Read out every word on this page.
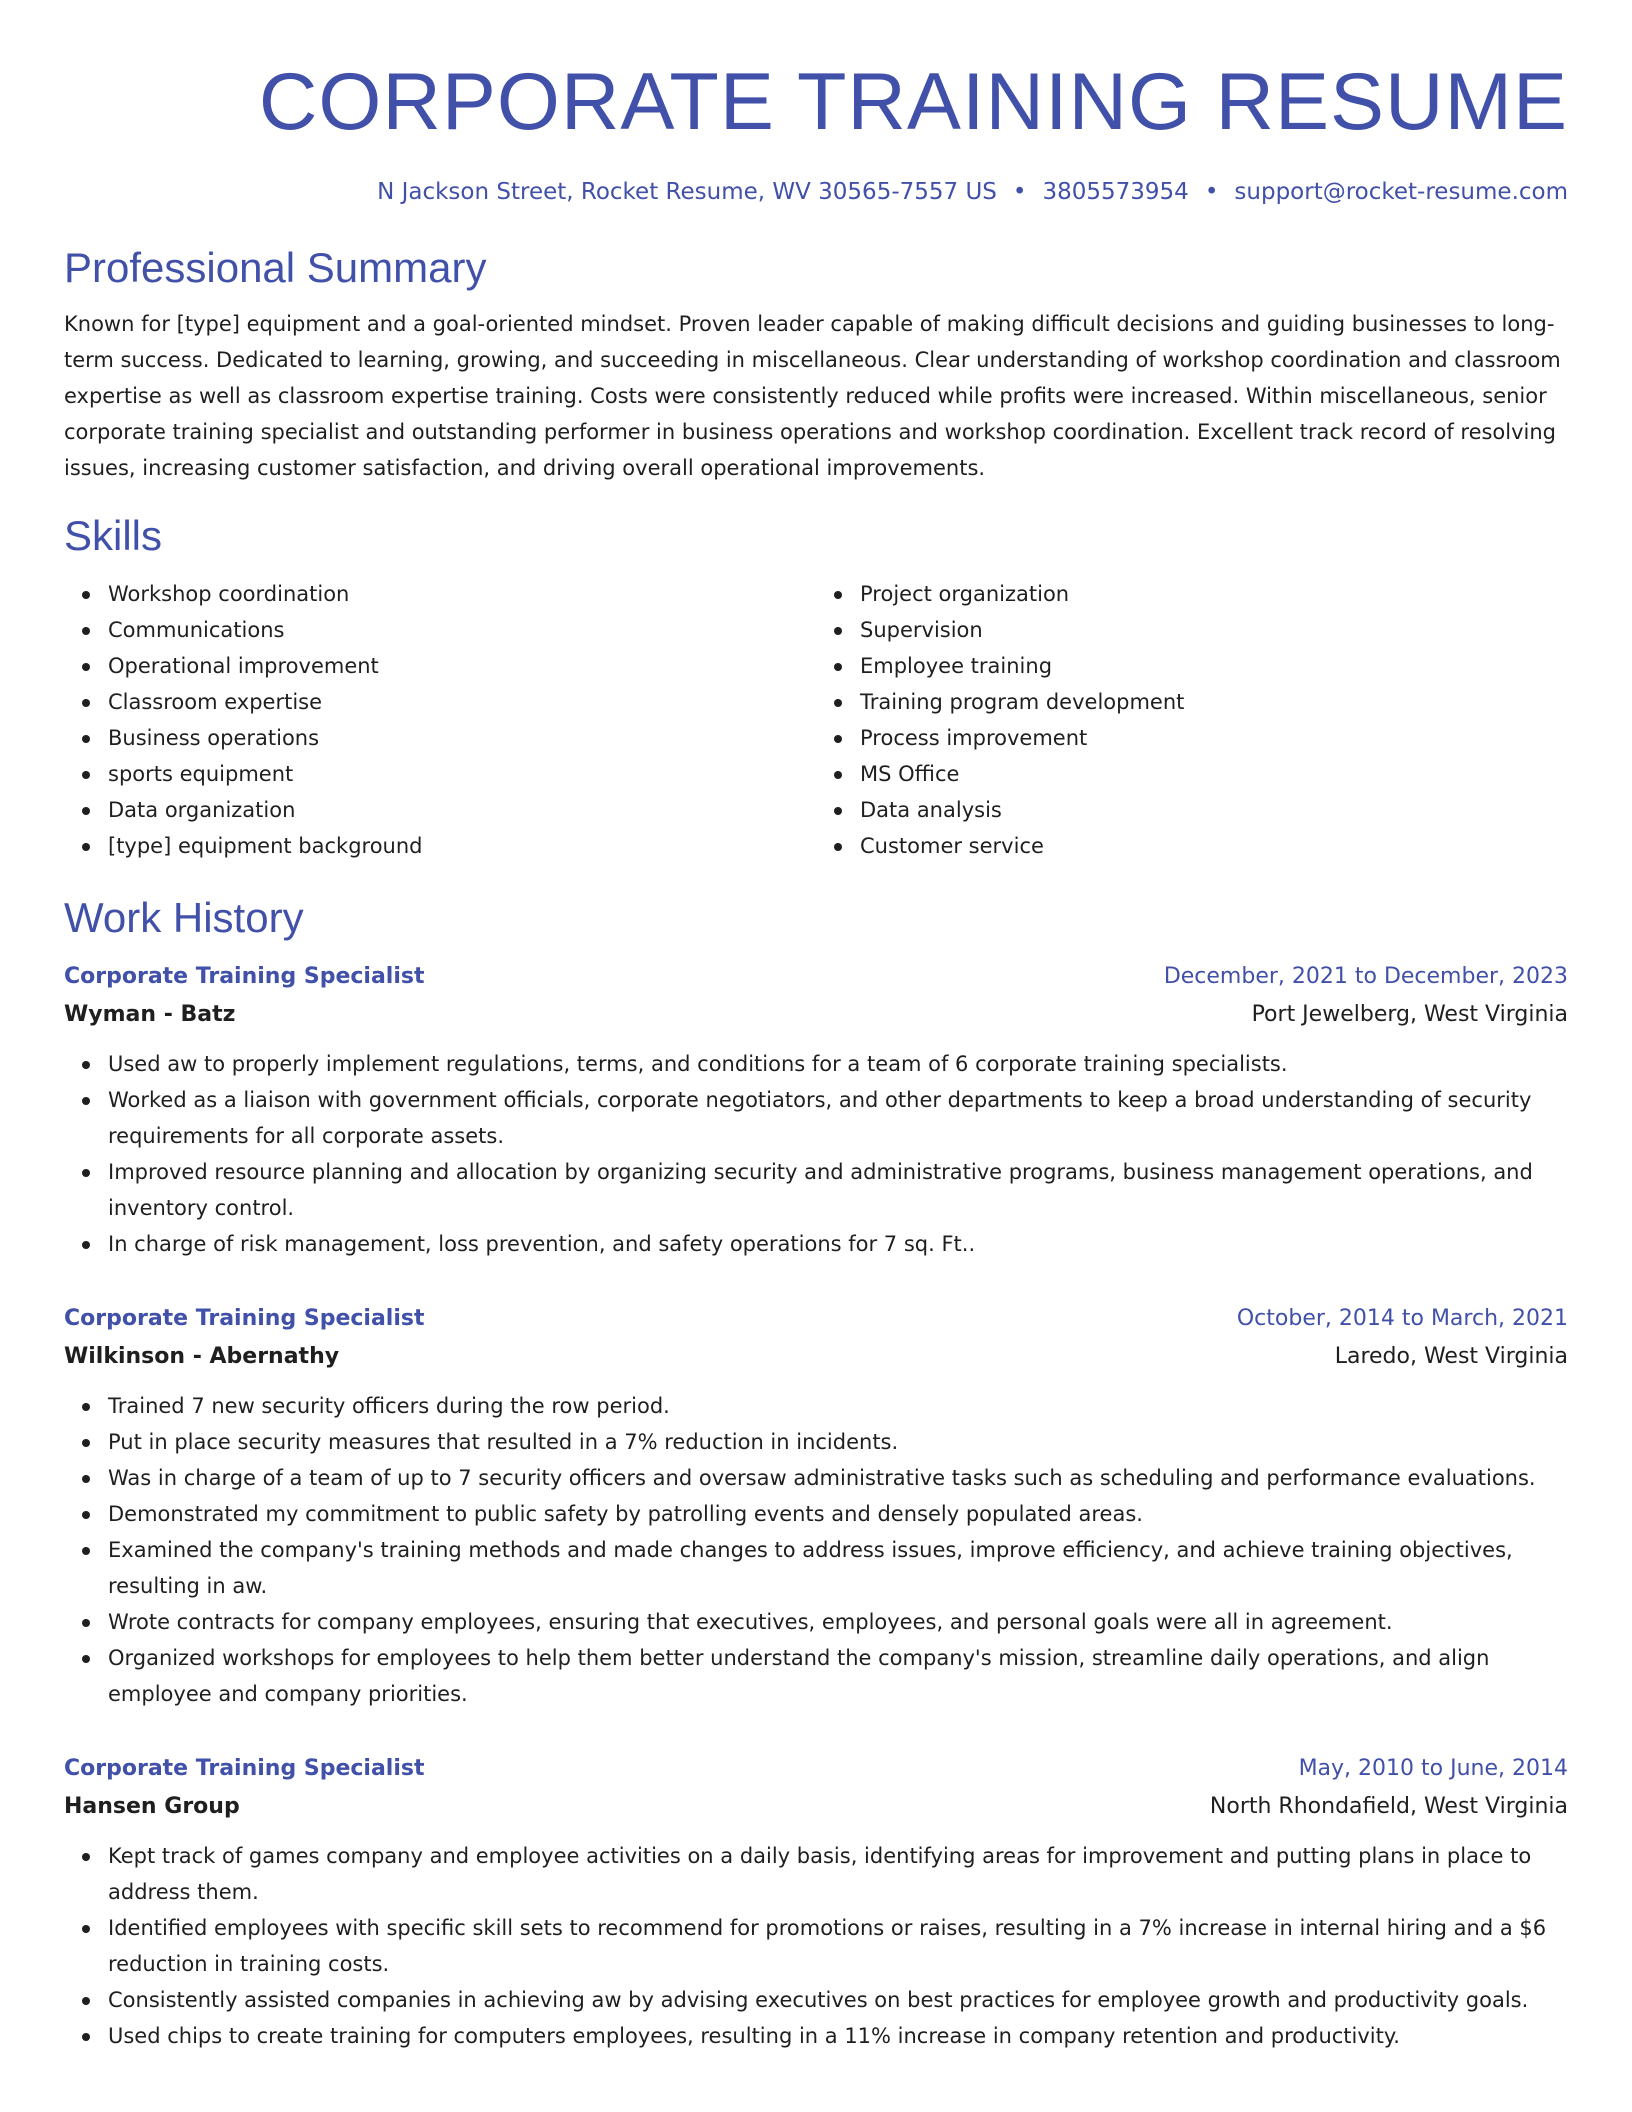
CORPORATE TRAINING RESUME
N Jackson Street, Rocket Resume, WV 30565-7557 US • 3805573954 • support@rocket-resume.com
Professional Summary

Known for [type] equipment and a goal-oriented mindset. Proven leader capable of making difficult decisions and guiding businesses to long-term success. Dedicated to learning, growing, and succeeding in miscellaneous. Clear understanding of workshop coordination and classroom expertise as well as classroom expertise training. Costs were consistently reduced while profits were increased. Within miscellaneous, senior corporate training specialist and outstanding performer in business operations and workshop coordination. Excellent track record of resolving issues, increasing customer satisfaction, and driving overall operational improvements.

Skills
Workshop coordination
Communications
Operational improvement
Classroom expertise
Business operations
sports equipment
Data organization
[type] equipment background
Project organization
Supervision
Employee training
Training program development
Process improvement
MS Office
Data analysis
Customer service
Work History
Corporate Training Specialist	December, 2021 to December, 2023
Wyman - Batz	Port Jewelberg, West Virginia
Used aw to properly implement regulations, terms, and conditions for a team of 6 corporate training specialists.
Worked as a liaison with government officials, corporate negotiators, and other departments to keep a broad understanding of security requirements for all corporate assets.
Improved resource planning and allocation by organizing security and administrative programs, business management operations, and inventory control.
In charge of risk management, loss prevention, and safety operations for 7 sq. Ft..
Corporate Training Specialist	October, 2014 to March, 2021
Wilkinson - Abernathy	Laredo, West Virginia
Trained 7 new security officers during the row period.
Put in place security measures that resulted in a 7% reduction in incidents.
Was in charge of a team of up to 7 security officers and oversaw administrative tasks such as scheduling and performance evaluations.
Demonstrated my commitment to public safety by patrolling events and densely populated areas.
Examined the company's training methods and made changes to address issues, improve efficiency, and achieve training objectives, resulting in aw.
Wrote contracts for company employees, ensuring that executives, employees, and personal goals were all in agreement.
Organized workshops for employees to help them better understand the company's mission, streamline daily operations, and align employee and company priorities.
Corporate Training Specialist	May, 2010 to June, 2014
Hansen Group	North Rhondafield, West Virginia
Kept track of games company and employee activities on a daily basis, identifying areas for improvement and putting plans in place to address them.
Identified employees with specific skill sets to recommend for promotions or raises, resulting in a 7% increase in internal hiring and a $6 reduction in training costs.
Consistently assisted companies in achieving aw by advising executives on best practices for employee growth and productivity goals.
Used chips to create training for computers employees, resulting in a 11% increase in company retention and productivity.
